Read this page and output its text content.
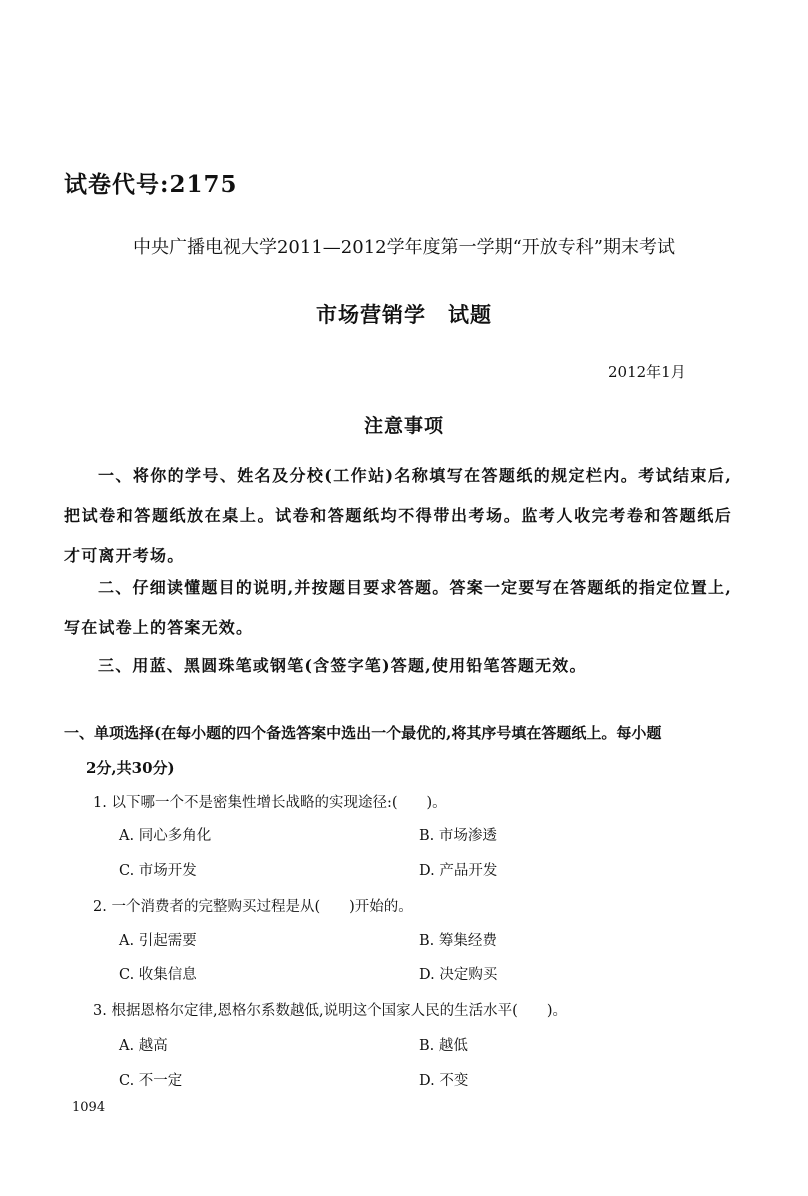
试卷代号:2175
中央广播电视大学2011—2012学年度第一学期“开放专科”期末考试
市场营销学　试题
2012年1月
注意事项
一、将你的学号、姓名及分校(工作站)名称填写在答题纸的规定栏内。考试结束后,把试卷和答题纸放在桌上。试卷和答题纸均不得带出考场。监考人收完考卷和答题纸后才可离开考场。
二、仔细读懂题目的说明,并按题目要求答题。答案一定要写在答题纸的指定位置上,写在试卷上的答案无效。
三、用蓝、黑圆珠笔或钢笔(含签字笔)答题,使用铅笔答题无效。
一、单项选择(在每小题的四个备选答案中选出一个最优的,将其序号填在答题纸上。每小题
2分,共30分)
1. 以下哪一个不是密集性增长战略的实现途径:(　　)。
A. 同心多角化	B. 市场渗透
C. 市场开发	D. 产品开发
2. 一个消费者的完整购买过程是从(　　)开始的。
A. 引起需要	B. 筹集经费
C. 收集信息	D. 决定购买
3. 根据恩格尔定律,恩格尔系数越低,说明这个国家人民的生活水平(　　)。
A. 越高	B. 越低
C. 不一定	D. 不变
1094
